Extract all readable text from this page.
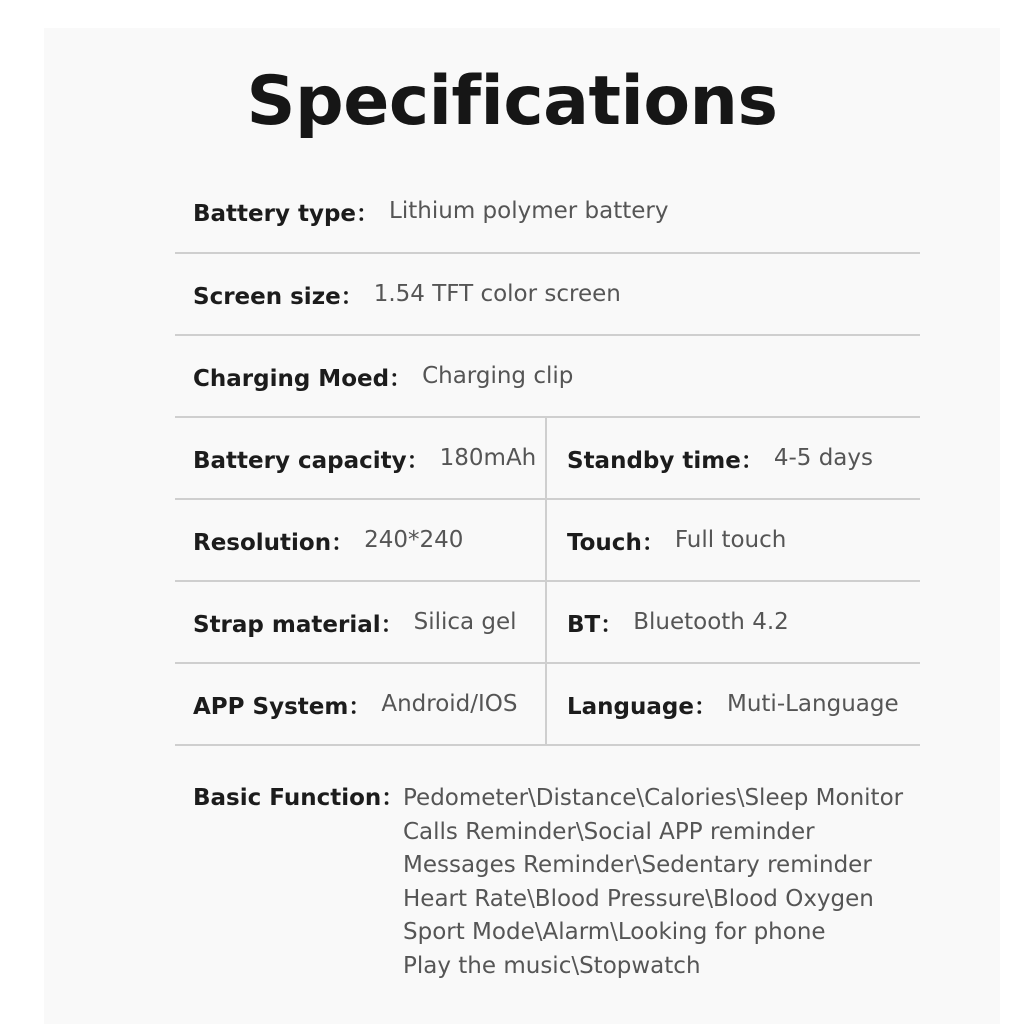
Specifications
Battery type： Lithium polymer battery
Screen size： 1.54 TFT color screen
Charging Moed： Charging clip
Battery capacity： 180mAh Standby time： 4-5 days
Resolution： 240*240	Touch： Full touch
Strap material： Silica gel BT： Bluetooth 4.2
APP System： Android/IOS Language： Muti-Language
Basic Function：
Pedometer\Distance\Calories\Sleep Monitor
Calls Reminder\Social APP reminder
Messages Reminder\Sedentary reminder
Heart Rate\Blood Pressure\Blood Oxygen
Sport Mode\Alarm\Looking for phone
Play the music\Stopwatch
